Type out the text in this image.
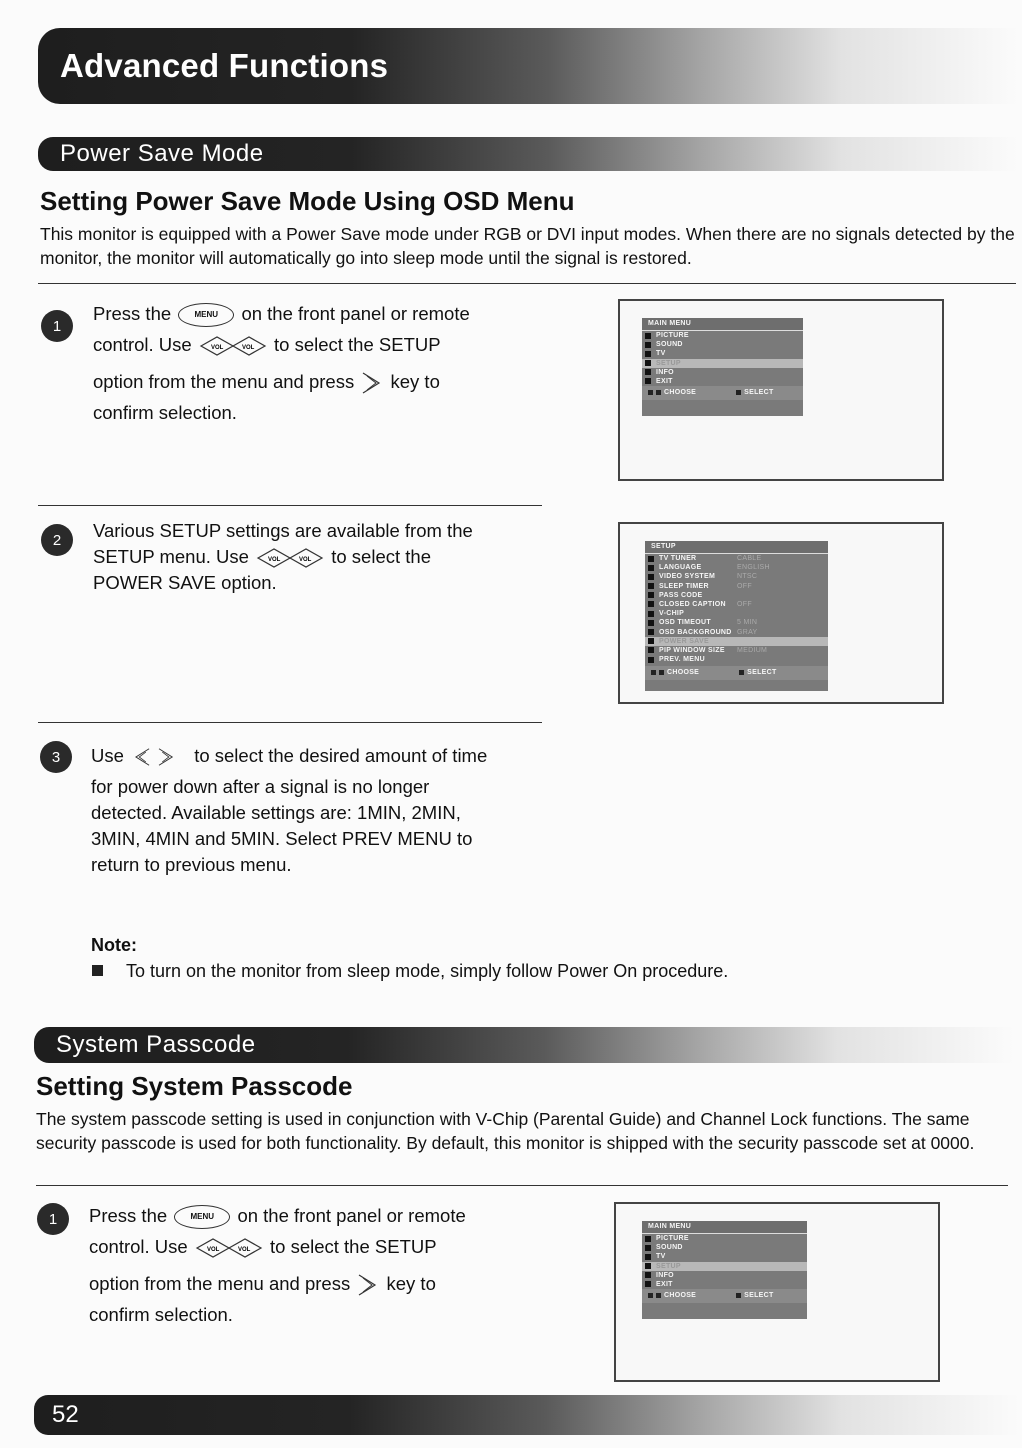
Advanced Functions
Power Save Mode
Setting Power Save Mode Using OSD Menu

This monitor is equipped with a Power Save mode under RGB or DVI input modes. When there are no signals detected by the monitor, the monitor will automatically go into sleep mode until the signal is restored.

1
Press the	MENU on the front panel or remote
control. Use	VOL	VOL to select the SETUP
option from the menu and press key to
confirm selection.
MAIN MENU
PICTURE
SOUND
TV
SETUP
INFO
EXIT
CHOOSE	SELECT
2	Various SETUP settings are available from the
SETUP menu. Use	VOL	VOL to select the
POWER SAVE option.
SETUP
TV TUNER	CABLE
LANGUAGE	ENGLISH
VIDEO SYSTEM	NTSC
SLEEP TIMER	OFF
PASS CODE
CLOSED CAPTION OFF
V-CHIP
OSD TIMEOUT	5 MIN
OSD BACKGROUND GRAY
POWER SAVE
PIP WINDOW SIZE MEDIUM
PREV. MENU
CHOOSE	SELECT
3	Use	to select the desired amount of time
for power down after a signal is no longer
detected. Available settings are: 1MIN, 2MIN,
3MIN, 4MIN and 5MIN. Select PREV MENU to
return to previous menu.
Note:
To turn on the monitor from sleep mode, simply follow Power On procedure.
System Passcode
Setting System Passcode

The system passcode setting is used in conjunction with V-Chip (Parental Guide) and Channel Lock functions. The same security passcode is used for both functionality. By default, this monitor is shipped with the security passcode set at 0000.

1	Press the	MENU on the front panel or remote
control. Use	VOL	VOL to select the SETUP
option from the menu and press key to
confirm selection.
MAIN MENU
PICTURE
SOUND
TV
SETUP
INFO
EXIT
CHOOSE	SELECT
52
